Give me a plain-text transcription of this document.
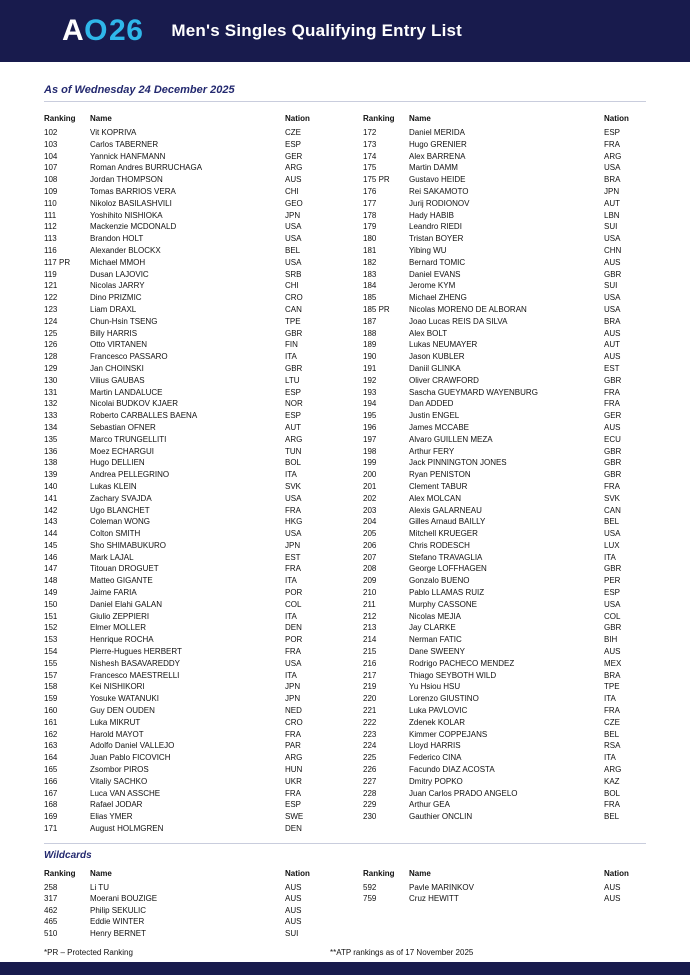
A O 26 Men's Singles Qualifying Entry List
As of Wednesday 24 December 2025
Ranking	Name	Nation
102	Vit KOPRIVA	CZE
103	Carlos TABERNER	ESP
104	Yannick HANFMANN	GER
107	Roman Andres BURRUCHAGA	ARG
108	Jordan THOMPSON	AUS
109	Tomas BARRIOS VERA	CHI
110	Nikoloz BASILASHVILI	GEO
111	Yoshihito NISHIOKA	JPN
112	Mackenzie MCDONALD	USA
113	Brandon HOLT	USA
116	Alexander BLOCKX	BEL
117 PR	Michael MMOH	USA
119	Dusan LAJOVIC	SRB
121	Nicolas JARRY	CHI
122	Dino PRIZMIC	CRO
123	Liam DRAXL	CAN
124	Chun-Hsin TSENG	TPE
125	Billy HARRIS	GBR
126	Otto VIRTANEN	FIN
128	Francesco PASSARO	ITA
129	Jan CHOINSKI	GBR
130	Vilius GAUBAS	LTU
131	Martin LANDALUCE	ESP
132	Nicolai BUDKOV KJAER	NOR
133	Roberto CARBALLES BAENA	ESP
134	Sebastian OFNER	AUT
135	Marco TRUNGELLITI	ARG
136	Moez ECHARGUI	TUN
138	Hugo DELLIEN	BOL
139	Andrea PELLEGRINO	ITA
140	Lukas KLEIN	SVK
141	Zachary SVAJDA	USA
142	Ugo BLANCHET	FRA
143	Coleman WONG	HKG
144	Colton SMITH	USA
145	Sho SHIMABUKURO	JPN
146	Mark LAJAL	EST
147	Titouan DROGUET	FRA
148	Matteo GIGANTE	ITA
149	Jaime FARIA	POR
150	Daniel Elahi GALAN	COL
151	Giulio ZEPPIERI	ITA
152	Elmer MOLLER	DEN
153	Henrique ROCHA	POR
154	Pierre-Hugues HERBERT	FRA
155	Nishesh BASAVAREDDY	USA
157	Francesco MAESTRELLI	ITA
158	Kei NISHIKORI	JPN
159	Yosuke WATANUKI	JPN
160	Guy DEN OUDEN	NED
161	Luka MIKRUT	CRO
162	Harold MAYOT	FRA
163	Adolfo Daniel VALLEJO	PAR
164	Juan Pablo FICOVICH	ARG
165	Zsombor PIROS	HUN
166	Vitaliy SACHKO	UKR
167	Luca VAN ASSCHE	FRA
168	Rafael JODAR	ESP
169	Elias YMER	SWE
171	August HOLMGREN	DEN
Ranking	Name	Nation
172	Daniel MERIDA	ESP
173	Hugo GRENIER	FRA
174	Alex BARRENA	ARG
175	Martin DAMM	USA
175 PR	Gustavo HEIDE	BRA
176	Rei SAKAMOTO	JPN
177	Jurij RODIONOV	AUT
178	Hady HABIB	LBN
179	Leandro RIEDI	SUI
180	Tristan BOYER	USA
181	Yibing WU	CHN
182	Bernard TOMIC	AUS
183	Daniel EVANS	GBR
184	Jerome KYM	SUI
185	Michael ZHENG	USA
185 PR	Nicolas MORENO DE ALBORAN	USA
187	Joao Lucas REIS DA SILVA	BRA
188	Alex BOLT	AUS
189	Lukas NEUMAYER	AUT
190	Jason KUBLER	AUS
191	Daniil GLINKA	EST
192	Oliver CRAWFORD	GBR
193	Sascha GUEYMARD WAYENBURG	FRA
194	Dan ADDED	FRA
195	Justin ENGEL	GER
196	James MCCABE	AUS
197	Alvaro GUILLEN MEZA	ECU
198	Arthur FERY	GBR
199	Jack PINNINGTON JONES	GBR
200	Ryan PENISTON	GBR
201	Clement TABUR	FRA
202	Alex MOLCAN	SVK
203	Alexis GALARNEAU	CAN
204	Gilles Arnaud BAILLY	BEL
205	Mitchell KRUEGER	USA
206	Chris RODESCH	LUX
207	Stefano TRAVAGLIA	ITA
208	George LOFFHAGEN	GBR
209	Gonzalo BUENO	PER
210	Pablo LLAMAS RUIZ	ESP
211	Murphy CASSONE	USA
212	Nicolas MEJIA	COL
213	Jay CLARKE	GBR
214	Nerman FATIC	BIH
215	Dane SWEENY	AUS
216	Rodrigo PACHECO MENDEZ	MEX
217	Thiago SEYBOTH WILD	BRA
219	Yu Hsiou HSU	TPE
220	Lorenzo GIUSTINO	ITA
221	Luka PAVLOVIC	FRA
222	Zdenek KOLAR	CZE
223	Kimmer COPPEJANS	BEL
224	Lloyd HARRIS	RSA
225	Federico CINA	ITA
226	Facundo DIAZ ACOSTA	ARG
227	Dmitry POPKO	KAZ
228	Juan Carlos PRADO ANGELO	BOL
229	Arthur GEA	FRA
230	Gauthier ONCLIN	BEL
Wildcards
Ranking	Name	Nation
258	Li TU	AUS
317	Moerani BOUZIGE	AUS
462	Philip SEKULIC	AUS
465	Eddie WINTER	AUS
510	Henry BERNET	SUI
Ranking	Name	Nation
592	Pavle MARINKOV	AUS
759	Cruz HEWITT	AUS
*PR – Protected Ranking	**ATP rankings as of 17 November 2025
